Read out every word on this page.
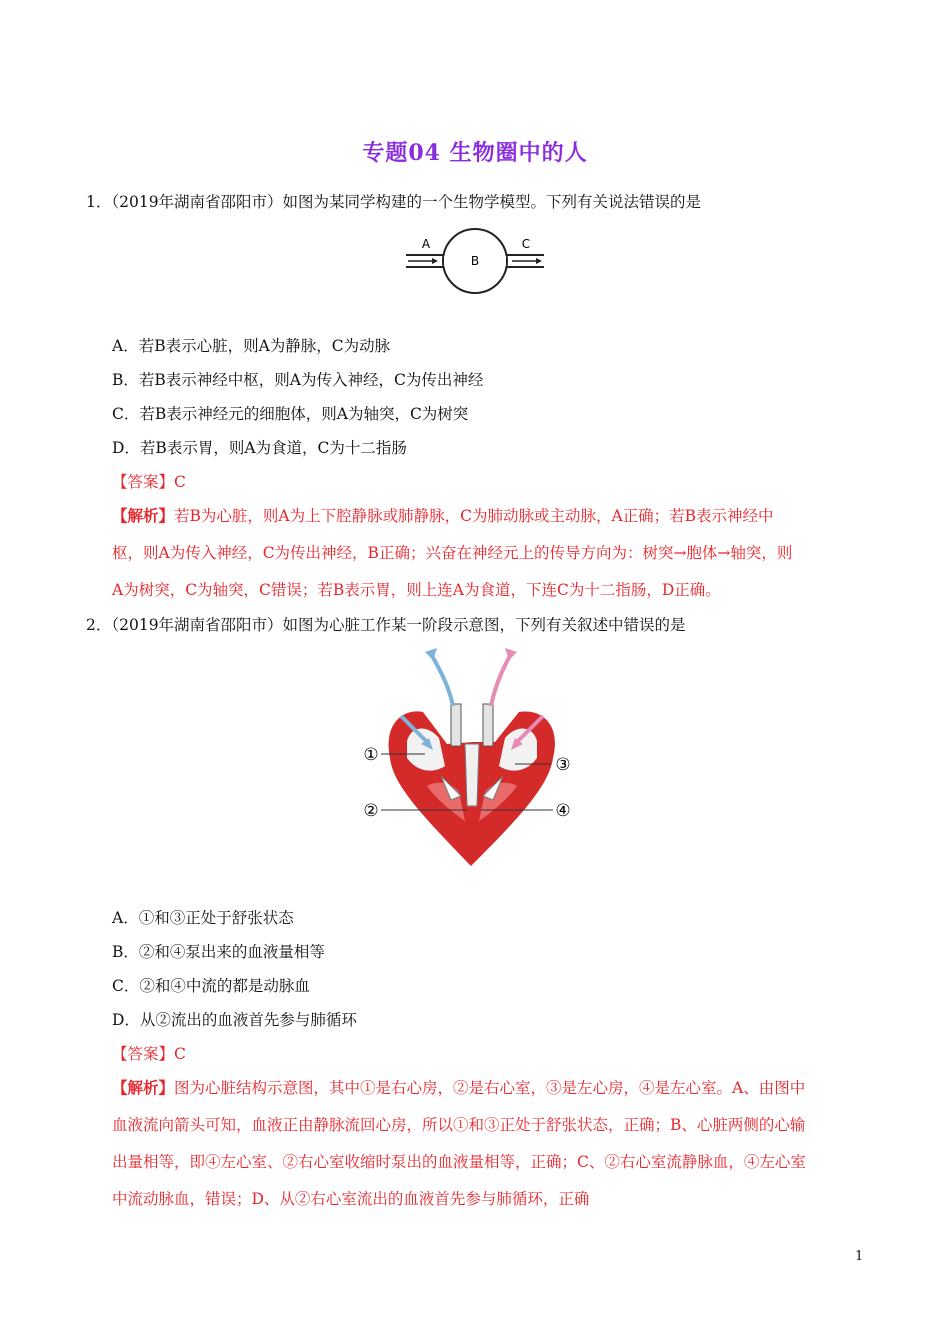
专题04 生物圈中的人
1．（2019年湖南省邵阳市）如图为某同学构建的一个生物学模型。下列有关说法错误的是
A
B
C
A．若B表示心脏，则A为静脉，C为动脉
B．若B表示神经中枢，则A为传入神经，C为传出神经
C．若B表示神经元的细胞体，则A为轴突，C为树突
D．若B表示胃，则A为食道，C为十二指肠
【答案】C
【解析】若B为心脏，则A为上下腔静脉或肺静脉，C为肺动脉或主动脉，A正确；若B表示神经中
枢，则A为传入神经，C为传出神经，B正确；兴奋在神经元上的传导方向为：树突→胞体→轴突，则
A为树突，C为轴突，C错误；若B表示胃，则上连A为食道，下连C为十二指肠，D正确。
2．（2019年湖南省邵阳市）如图为心脏工作某一阶段示意图，下列有关叙述中错误的是
①
②
③
④
A．①和③正处于舒张状态
B．②和④泵出来的血液量相等
C．②和④中流的都是动脉血
D．从②流出的血液首先参与肺循环
【答案】C
【解析】图为心脏结构示意图，其中①是右心房，②是右心室，③是左心房，④是左心室。A、由图中
血液流向箭头可知，血液正由静脉流回心房，所以①和③正处于舒张状态，正确；B、心脏两侧的心输
出量相等，即④左心室、②右心室收缩时泵出的血液量相等，正确；C、②右心室流静脉血，④左心室
中流动脉血，错误；D、从②右心室流出的血液首先参与肺循环，正确
1
